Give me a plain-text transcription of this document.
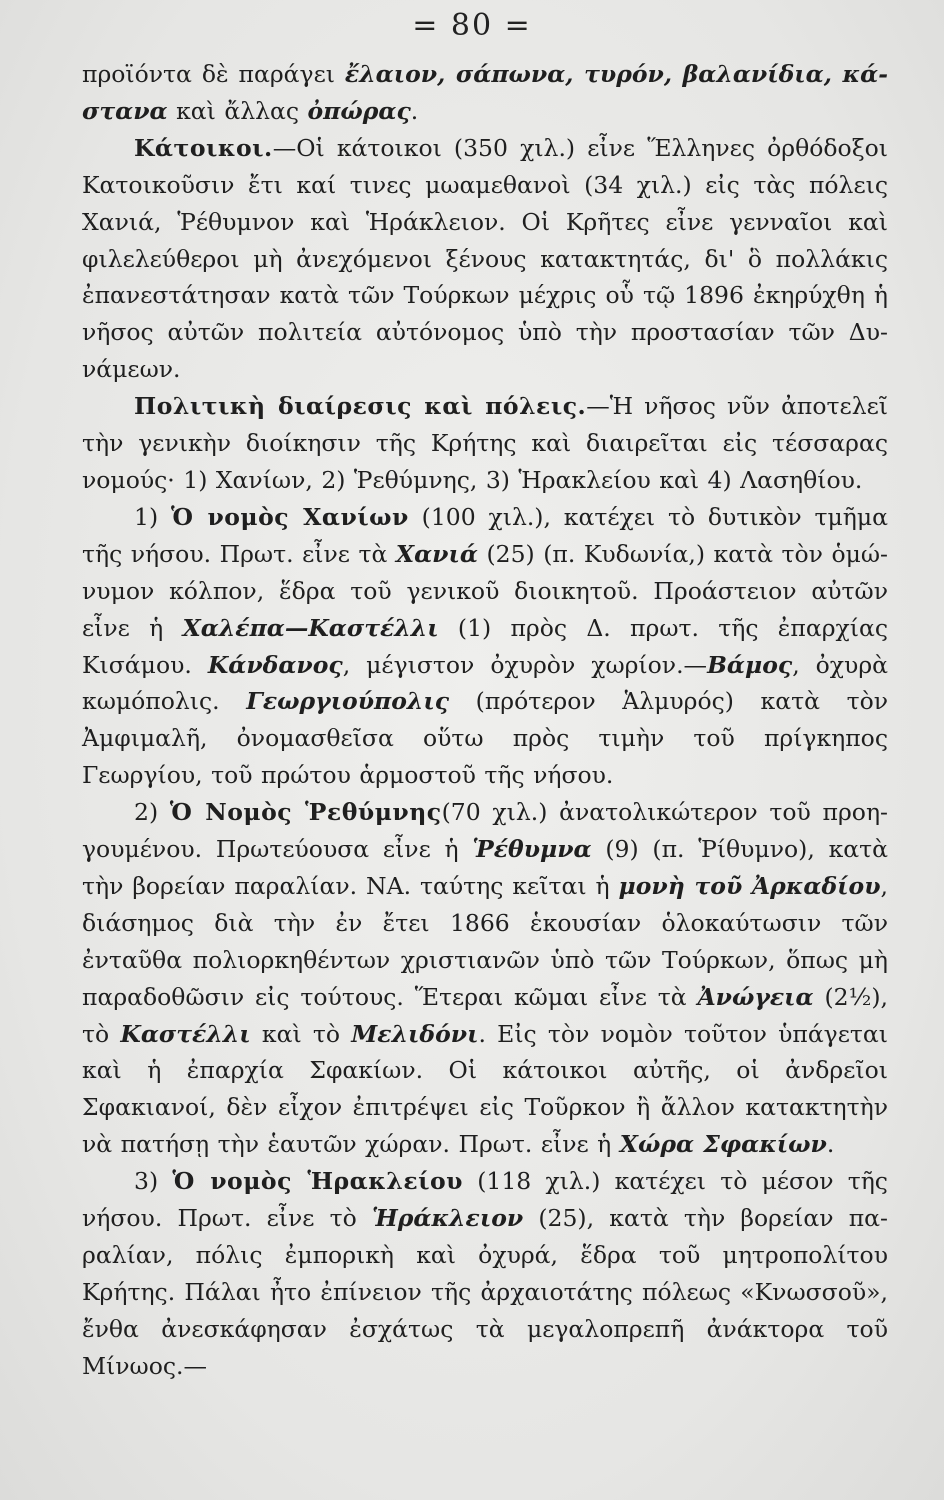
= 80 =

προϊόντα δὲ παράγει ἔλαιον, σάπωνα, τυρόν, βαλανίδια, κάστανα καὶ ἄλλας ὀπώρας.

Κάτοικοι.—Οἱ κάτοικοι (350 χιλ.) εἶνε Ἕλληνες ὀρθόδοξοι Κατοικοῦσιν ἔτι καί τινες μωαμεθανοὶ (34 χιλ.) εἰς τὰς πόλεις Χανιά, Ῥέθυμνον καὶ Ἡράκλειον. Οἱ Κρῆτες εἶνε γενναῖοι καὶ φιλελεύθεροι μὴ ἀνεχόμενοι ξένους κατακτητάς, δι' ὃ πολλάκις ἐπανεστάτησαν κατὰ τῶν Τούρκων μέχρις οὗ τῷ 1896 ἐκηρύχθη ἡ νῆσος αὐτῶν πολιτεία αὐτόνομος ὑπὸ τὴν προστασίαν τῶν Δυνάμεων.

Πολιτικὴ διαίρεσις καὶ πόλεις.—Ἡ νῆσος νῦν ἀποτελεῖ τὴν γενικὴν διοίκησιν τῆς Κρήτης καὶ διαιρεῖται εἰς τέσσαρας νομούς· 1) Χανίων, 2) Ῥεθύμνης, 3) Ἡρακλείου καὶ 4) Λασηθίου.

1) Ὁ νομὸς Χανίων (100 χιλ.), κατέχει τὸ δυτικὸν τμῆμα τῆς νήσου. Πρωτ. εἶνε τὰ Χανιά (25) (π. Κυδωνία,) κατὰ τὸν ὁμώνυμον κόλπον, ἕδρα τοῦ γενικοῦ διοικητοῦ. Προάστειον αὐτῶν εἶνε ἡ Χαλέπα—Καστέλλι (1) πρὸς Δ. πρωτ. τῆς ἐπαρχίας Κισάμου. Κάνδανος, μέγιστον ὀχυρὸν χωρίον.—Βάμος, ὀχυρὰ κωμόπολις. Γεωργιούπολις (πρότερον Ἁλμυρός) κατὰ τὸν Ἀμφιμαλῆ, ὀνομασθεῖσα οὕτω πρὸς τιμὴν τοῦ πρίγκηπος Γεωργίου, τοῦ πρώτου ἁρμοστοῦ τῆς νήσου.

2) Ὁ Νομὸς Ῥεθύμνης(70 χιλ.) ἀνατολικώτερον τοῦ προηγουμένου. Πρωτεύουσα εἶνε ἡ Ῥέθυμνα (9) (π. Ῥίθυμνο), κατὰ τὴν βορείαν παραλίαν. ΝΑ. ταύτης κεῖται ἡ μονὴ τοῦ Ἀρκαδίου, διάσημος διὰ τὴν ἐν ἔτει 1866 ἑκουσίαν ὁλοκαύτωσιν τῶν ἐνταῦθα πολιορκηθέντων χριστιανῶν ὑπὸ τῶν Τούρκων, ὅπως μὴ παραδοθῶσιν εἰς τούτους. Ἕτεραι κῶμαι εἶνε τὰ Ἀνώγεια (2½), τὸ Καστέλλι καὶ τὸ Μελιδόνι. Εἰς τὸν νομὸν τοῦτον ὑπάγεται καὶ ἡ ἐπαρχία Σφακίων. Οἱ κάτοικοι αὐτῆς, οἱ ἀνδρεῖοι Σφακιανοί, δὲν εἶχον ἐπιτρέψει εἰς Τοῦρκον ἢ ἄλλον κατακτητὴν νὰ πατήσῃ τὴν ἑαυτῶν χώραν. Πρωτ. εἶνε ἡ Χώρα Σφακίων.

3) Ὁ νομὸς Ἡρακλείου (118 χιλ.) κατέχει τὸ μέσον τῆς νήσου. Πρωτ. εἶνε τὸ Ἡράκλειον (25), κατὰ τὴν βορείαν παραλίαν, πόλις ἐμπορικὴ καὶ ὀχυρά, ἕδρα τοῦ μητροπολίτου Κρήτης. Πάλαι ἦτο ἐπίνειον τῆς ἀρχαιοτάτης πόλεως «Κνωσσοῦ», ἔνθα ἀνεσκάφησαν ἐσχάτως τὰ μεγαλοπρεπῆ ἀνάκτορα τοῦ Μίνωος.—
